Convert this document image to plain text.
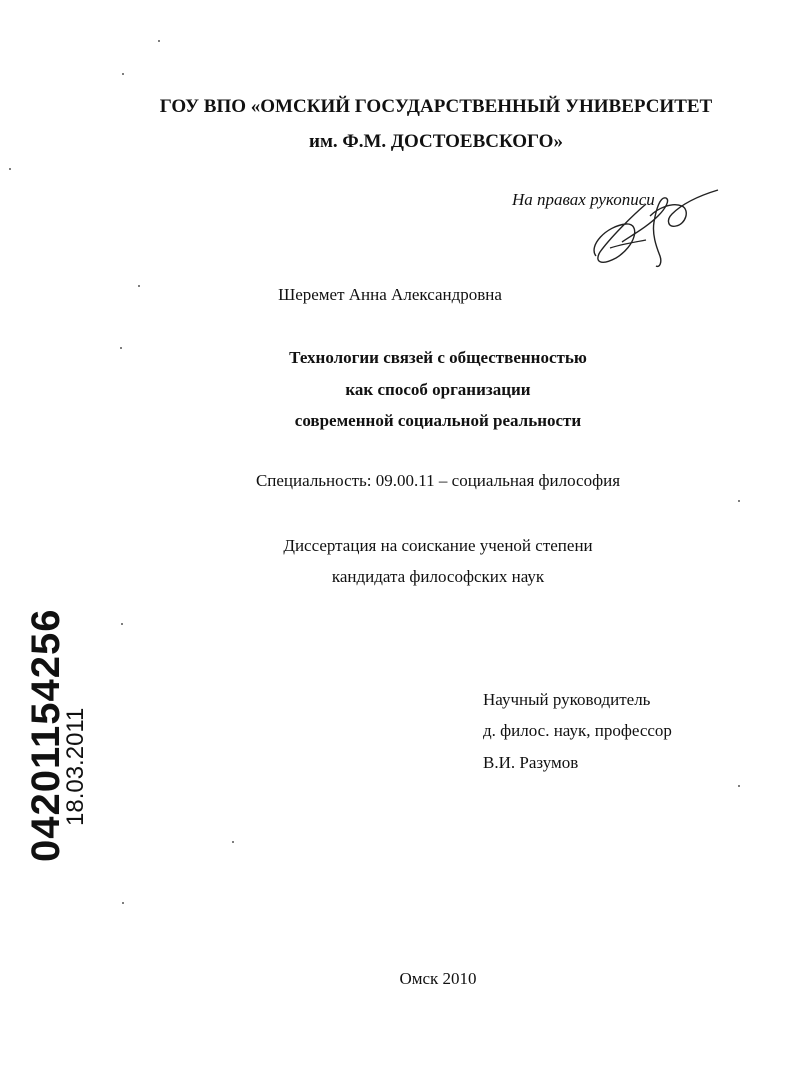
ГОУ ВПО «ОМСКИЙ ГОСУДАРСТВЕННЫЙ УНИВЕРСИТЕТ
им. Ф.М. ДОСТОЕВСКОГО»
На правах рукописи
Шеремет Анна Александровна
Технологии связей с общественностью
как способ организации
современной социальной реальности
Специальность: 09.00.11 – социальная философия
Диссертация на соискание ученой степени
кандидата философских наук
Научный руководитель
д. филос. наук, профессор
В.И. Разумов
Омск 2010
04201154256
18.03.2011
